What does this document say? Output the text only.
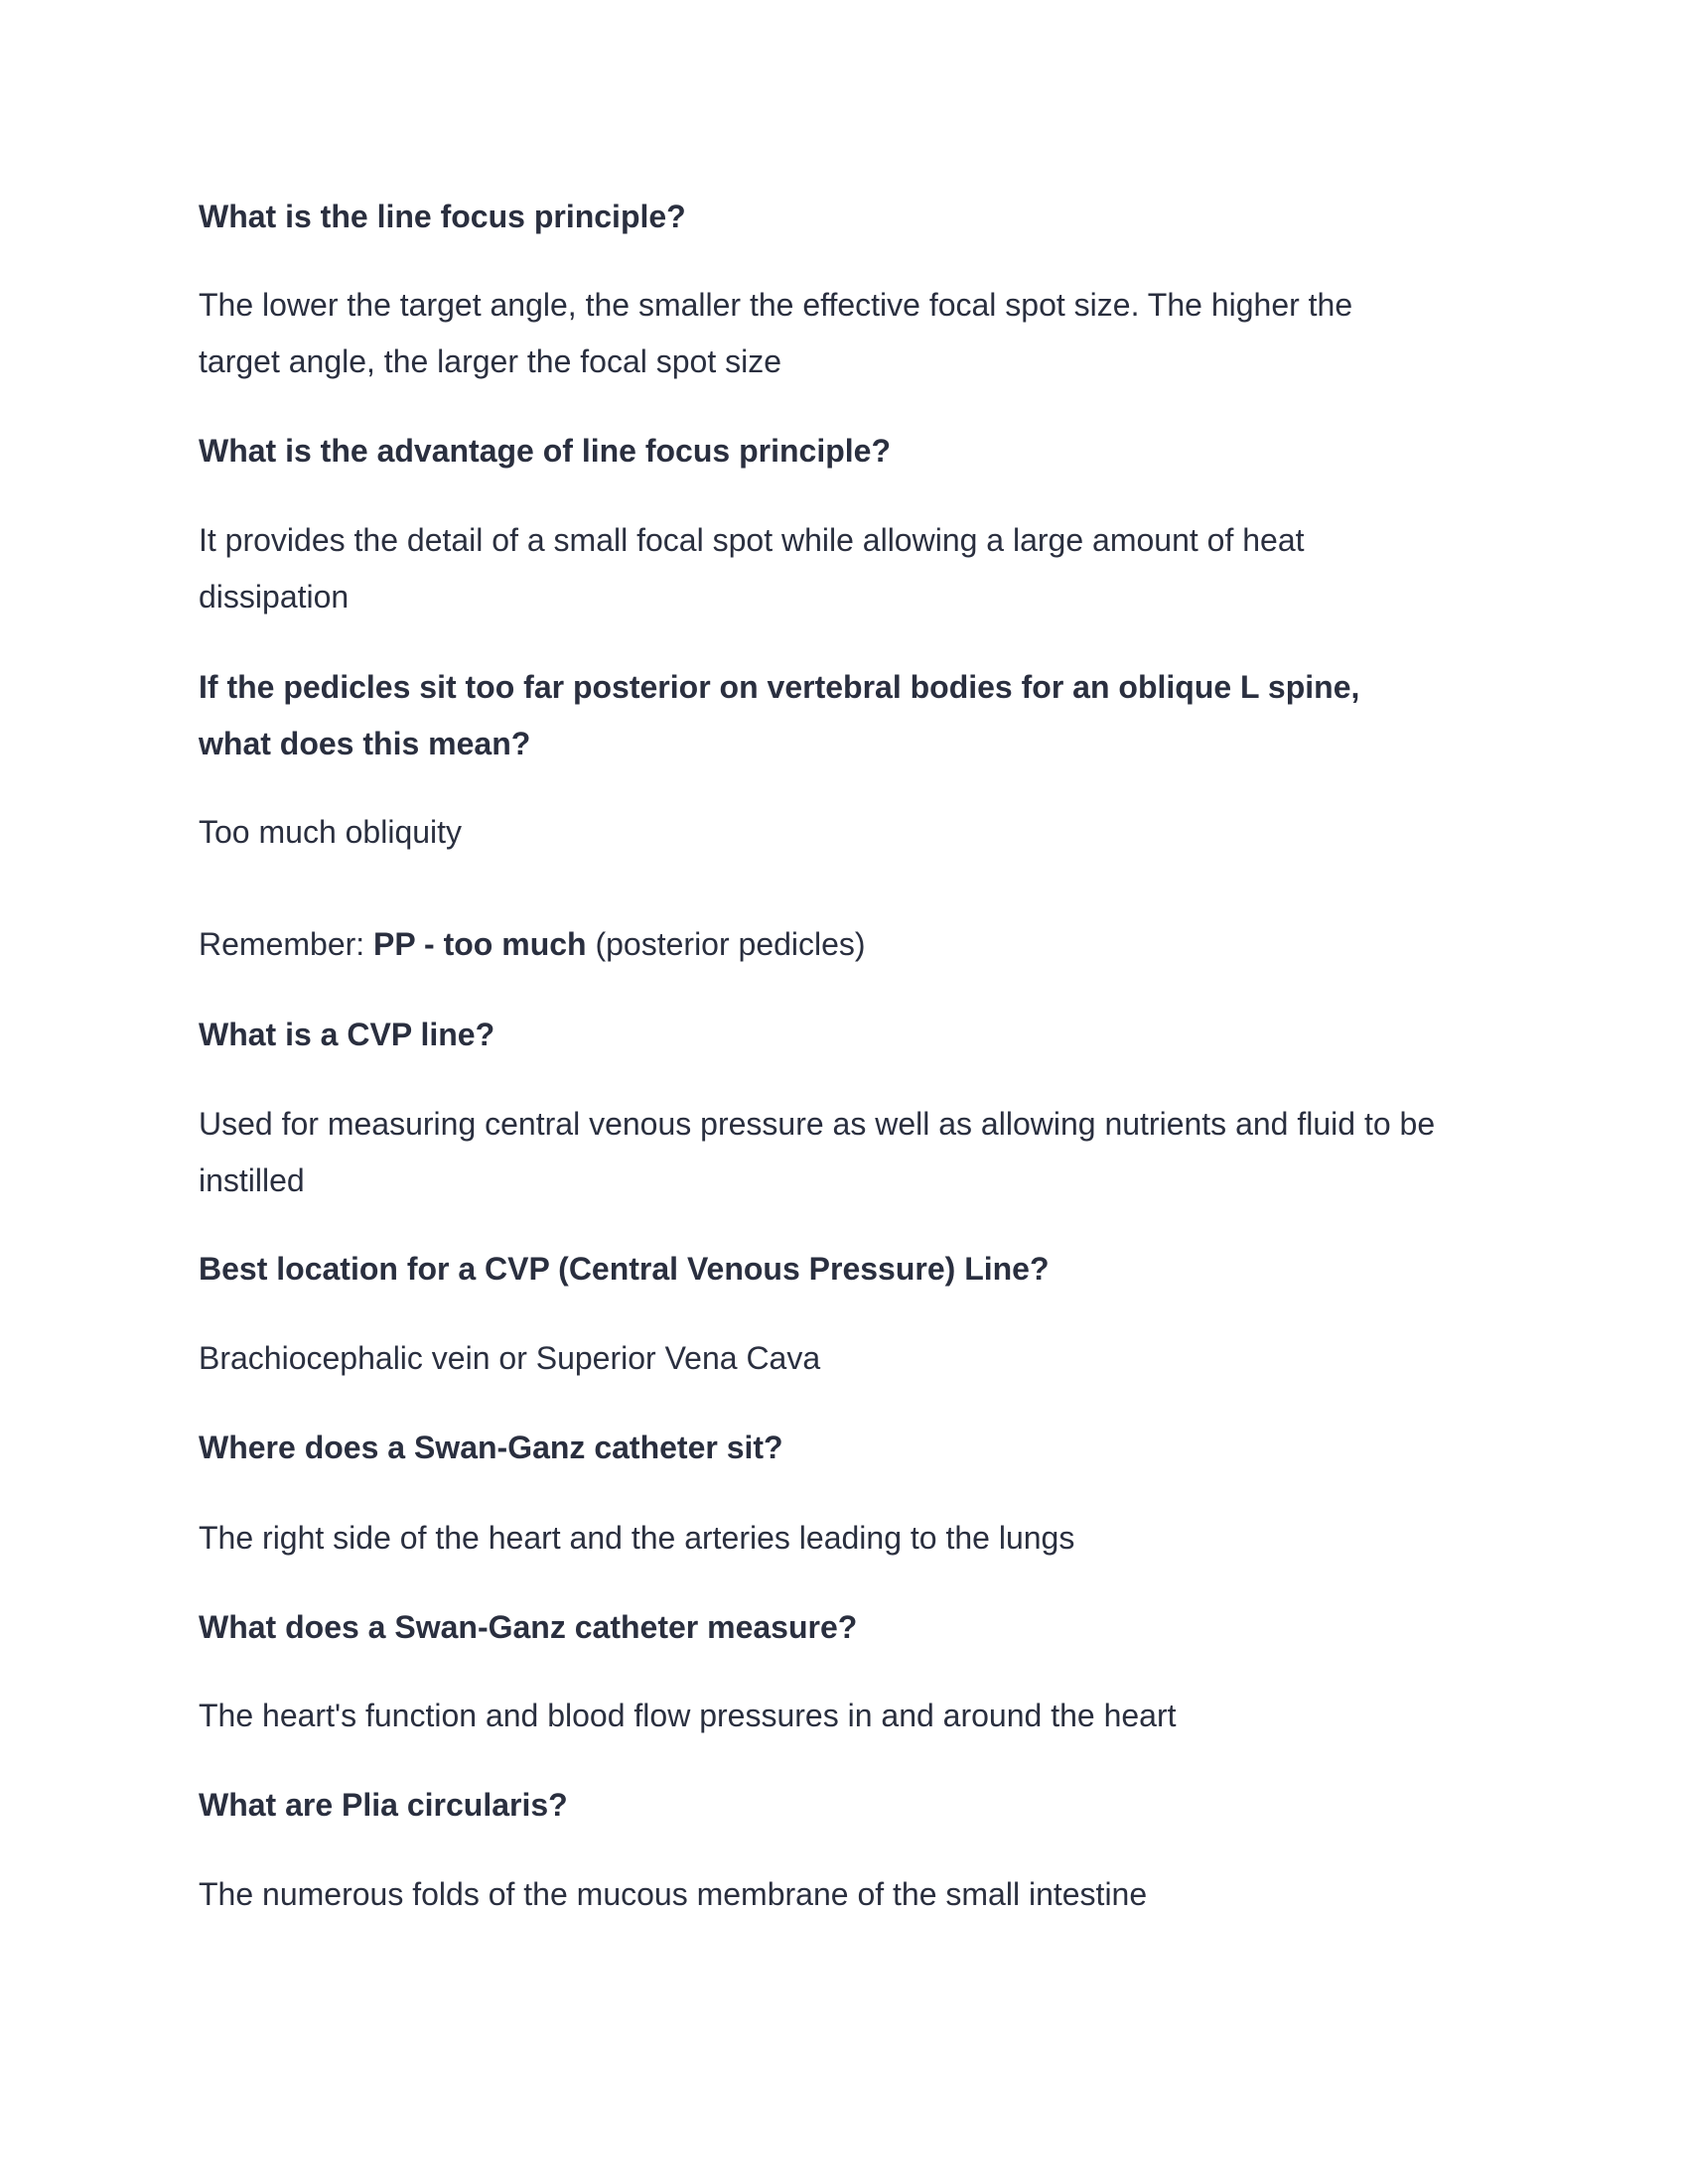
What is the line focus principle?
The lower the target angle, the smaller the effective focal spot size. The higher the
target angle, the larger the focal spot size
What is the advantage of line focus principle?
It provides the detail of a small focal spot while allowing a large amount of heat
dissipation
If the pedicles sit too far posterior on vertebral bodies for an oblique L spine,
what does this mean?
Too much obliquity
Remember: PP - too much (posterior pedicles)
What is a CVP line?
Used for measuring central venous pressure as well as allowing nutrients and fluid to be
instilled
Best location for a CVP (Central Venous Pressure) Line?
Brachiocephalic vein or Superior Vena Cava
Where does a Swan-Ganz catheter sit?
The right side of the heart and the arteries leading to the lungs
What does a Swan-Ganz catheter measure?
The heart's function and blood flow pressures in and around the heart
What are Plia circularis?
The numerous folds of the mucous membrane of the small intestine
